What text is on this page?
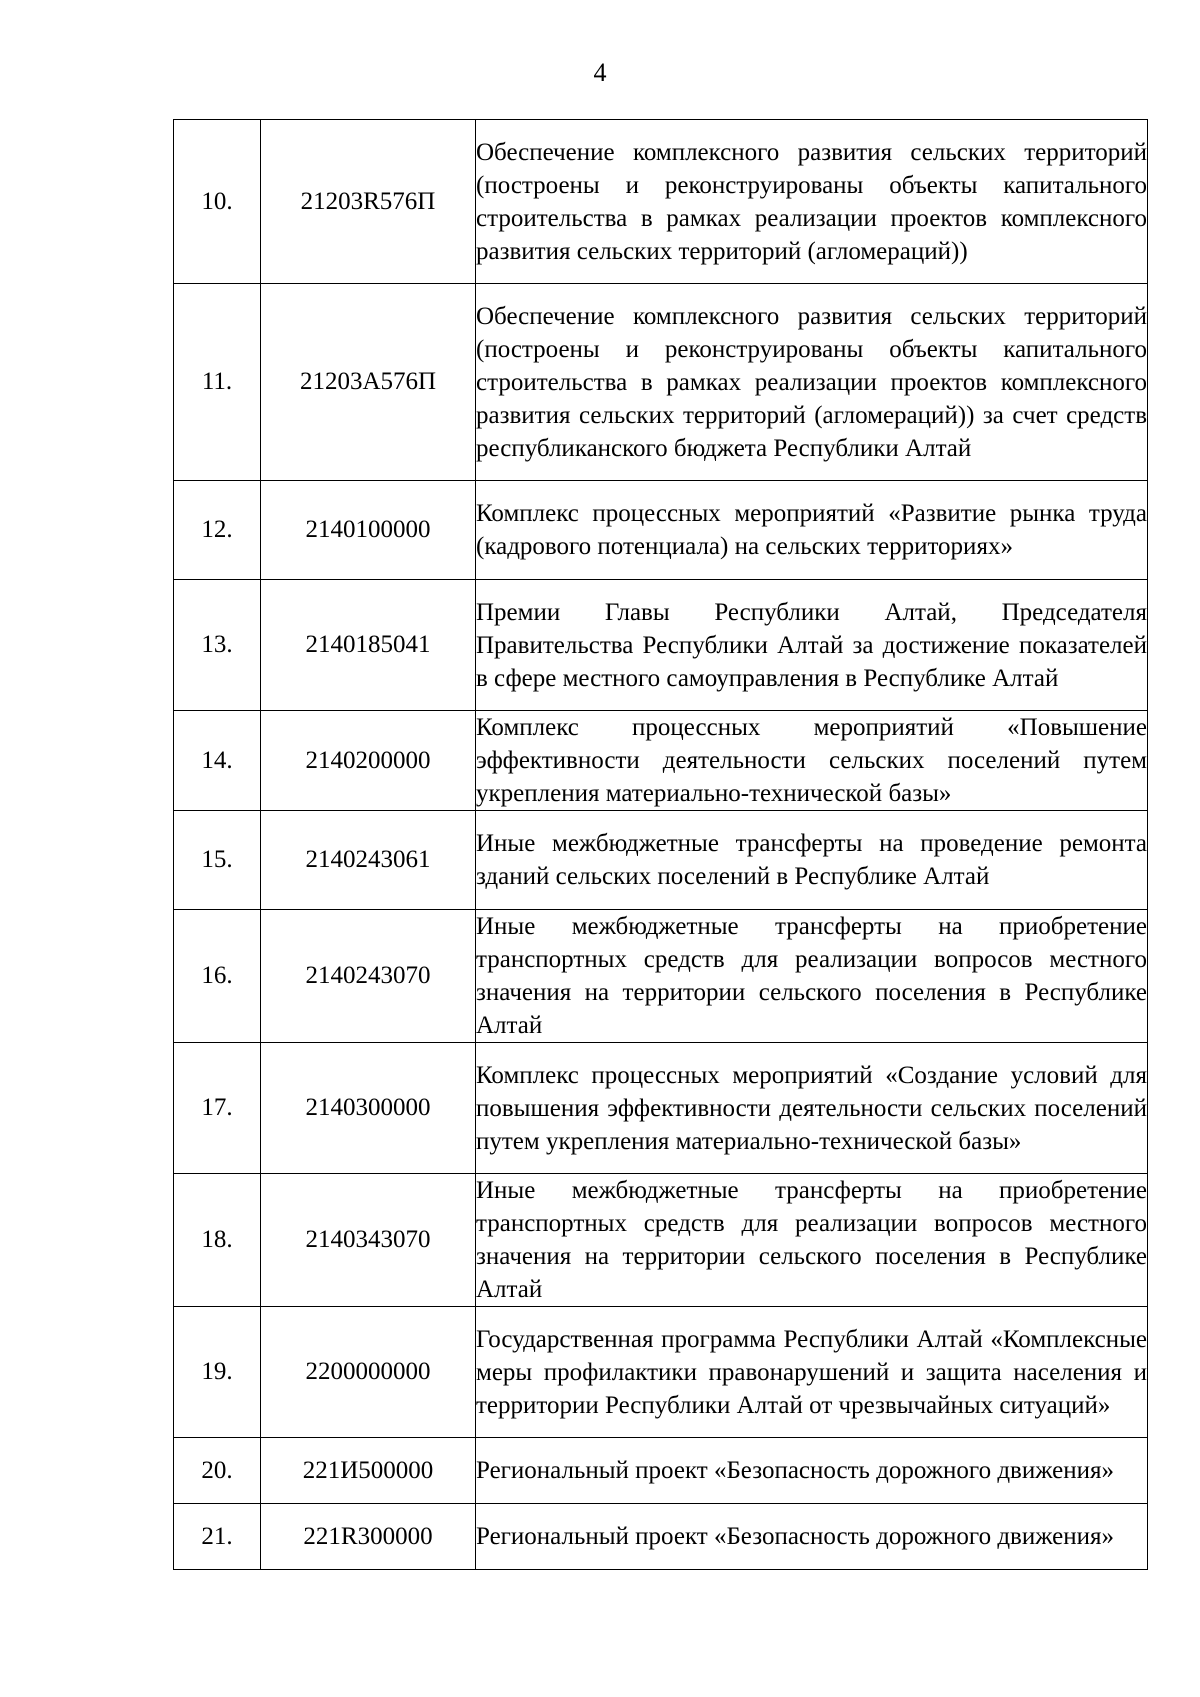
4
10.	21203R576П	Обеспечение комплексного развития сельских территорий (построены и реконструированы объекты капитального строительства в рамках реализации проектов комплексного развития сельских территорий (агломераций))
11.	21203А576П	Обеспечение комплексного развития сельских территорий (построены и реконструированы объекты капитального строительства в рамках реализации проектов комплексного развития сельских территорий (агломераций)) за счет средств республиканского бюджета Республики Алтай
12.	2140100000	Комплекс процессных мероприятий «Развитие рынка труда (кадрового потенциала) на сельских территориях»
13.	2140185041	Премии Главы Республики Алтай, Председателя Правительства Республики Алтай за достижение показателей в сфере местного самоуправления в Республике Алтай
14.	2140200000	Комплекс процессных мероприятий «Повышение эффективности деятельности сельских поселений путем укрепления материально-технической базы»
15.	2140243061	Иные межбюджетные трансферты на проведение ремонта зданий сельских поселений в Республике Алтай
16.	2140243070	Иные межбюджетные трансферты на приобретение транспортных средств для реализации вопросов местного значения на территории сельского поселения в Республике Алтай
17.	2140300000	Комплекс процессных мероприятий «Создание условий для повышения эффективности деятельности сельских поселений путем укрепления материально-технической базы»
18.	2140343070	Иные межбюджетные трансферты на приобретение транспортных средств для реализации вопросов местного значения на территории сельского поселения в Республике Алтай
19.	2200000000	Государственная программа Республики Алтай «Комплексные меры профилактики правонарушений и защита населения и территории Республики Алтай от чрезвычайных ситуаций»
20.	221И500000	Региональный проект «Безопасность дорожного движения»
21.	221R300000	Региональный проект «Безопасность дорожного движения»
